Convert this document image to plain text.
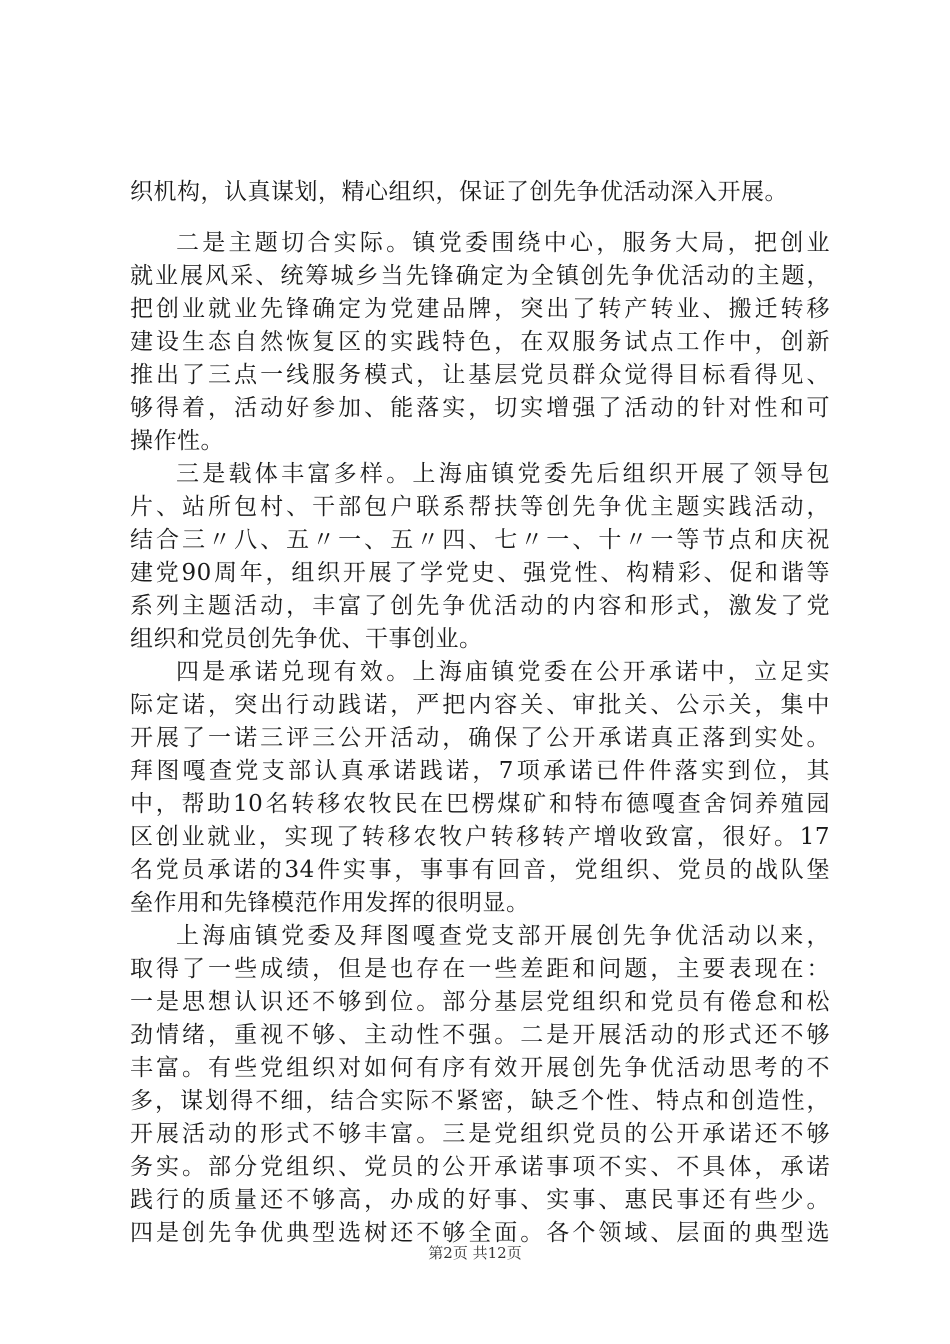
织机构，认真谋划，精心组织，保证了创先争优活动深入开展。
二是主题切合实际。镇党委围绕中心，服务大局，把创业
就业展风采、统筹城乡当先锋确定为全镇创先争优活动的主题，
把创业就业先锋确定为党建品牌，突出了转产转业、搬迁转移
建设生态自然恢复区的实践特色，在双服务试点工作中，创新
推出了三点一线服务模式，让基层党员群众觉得目标看得见、
够得着，活动好参加、能落实，切实增强了活动的针对性和可
操作性。
三是载体丰富多样。上海庙镇党委先后组织开展了领导包
片、站所包村、干部包户联系帮扶等创先争优主题实践活动，
结合三〃八、五〃一、五〃四、七〃一、十〃一等节点和庆祝
建党90周年，组织开展了学党史、强党性、构精彩、促和谐等
系列主题活动，丰富了创先争优活动的内容和形式，激发了党
组织和党员创先争优、干事创业。
四是承诺兑现有效。上海庙镇党委在公开承诺中，立足实
际定诺，突出行动践诺，严把内容关、审批关、公示关，集中
开展了一诺三评三公开活动，确保了公开承诺真正落到实处。
拜图嘎查党支部认真承诺践诺，7项承诺已件件落实到位，其
中，帮助10名转移农牧民在巴楞煤矿和特布德嘎查舍饲养殖园
区创业就业，实现了转移农牧户转移转产增收致富，很好。17
名党员承诺的34件实事，事事有回音，党组织、党员的战队堡
垒作用和先锋模范作用发挥的很明显。
上海庙镇党委及拜图嘎查党支部开展创先争优活动以来，
取得了一些成绩，但是也存在一些差距和问题，主要表现在：
一是思想认识还不够到位。部分基层党组织和党员有倦怠和松
劲情绪，重视不够、主动性不强。二是开展活动的形式还不够
丰富。有些党组织对如何有序有效开展创先争优活动思考的不
多，谋划得不细，结合实际不紧密，缺乏个性、特点和创造性，
开展活动的形式不够丰富。三是党组织党员的公开承诺还不够
务实。部分党组织、党员的公开承诺事项不实、不具体，承诺
践行的质量还不够高，办成的好事、实事、惠民事还有些少。
四是创先争优典型选树还不够全面。各个领域、层面的典型选
第2页 共12页
